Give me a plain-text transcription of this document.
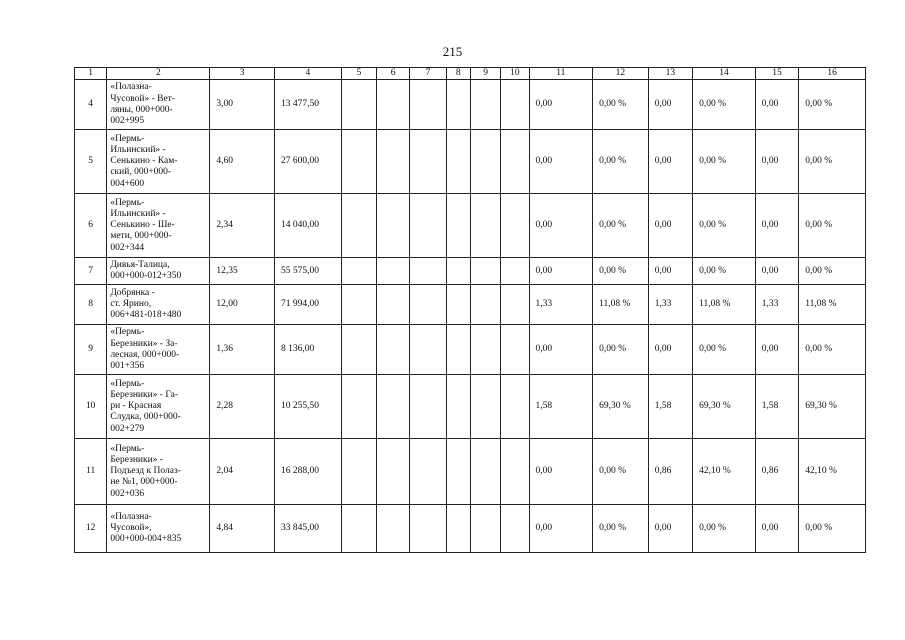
215
1	2	3	4	5	6	7	8	9	10	11	12	13	14	15	16
4	«Полазна-
Чусовой» - Вет-
ляны, 000+000-
002+995	3,00	13 477,50							0,00	0,00 %	0,00	0,00 %	0,00	0,00 %
5	«Пермь-
Ильинский» -
Сенькино - Кам-
ский, 000+000-
004+600	4,60	27 600,00							0,00	0,00 %	0,00	0,00 %	0,00	0,00 %
6	«Пермь-
Ильинский» -
Сенькино - Ше-
мети, 000+000-
002+344	2,34	14 040,00							0,00	0,00 %	0,00	0,00 %	0,00	0,00 %
7	Дивья-Талица,
000+000-012+350	12,35	55 575,00							0,00	0,00 %	0,00	0,00 %	0,00	0,00 %
8	Добрянка -
ст. Ярино,
006+481-018+480	12,00	71 994,00							1,33	11,08 %	1,33	11,08 %	1,33	11,08 %
9	«Пермь-
Березники» - За-
лесная, 000+000-
001+356	1,36	8 136,00							0,00	0,00 %	0,00	0,00 %	0,00	0,00 %
10	«Пермь-
Березники» - Га-
ри - Красная
Слудка, 000+000-
002+279	2,28	10 255,50							1,58	69,30 %	1,58	69,30 %	1,58	69,30 %
11	«Пермь-
Березники» -
Подъезд к Полаз-
не №1, 000+000-
002+036	2,04	16 288,00							0,00	0,00 %	0,86	42,10 %	0,86	42,10 %
12	«Полазна-
Чусовой»,
000+000-004+835	4,84	33 845,00							0,00	0,00 %	0,00	0,00 %	0,00	0,00 %
